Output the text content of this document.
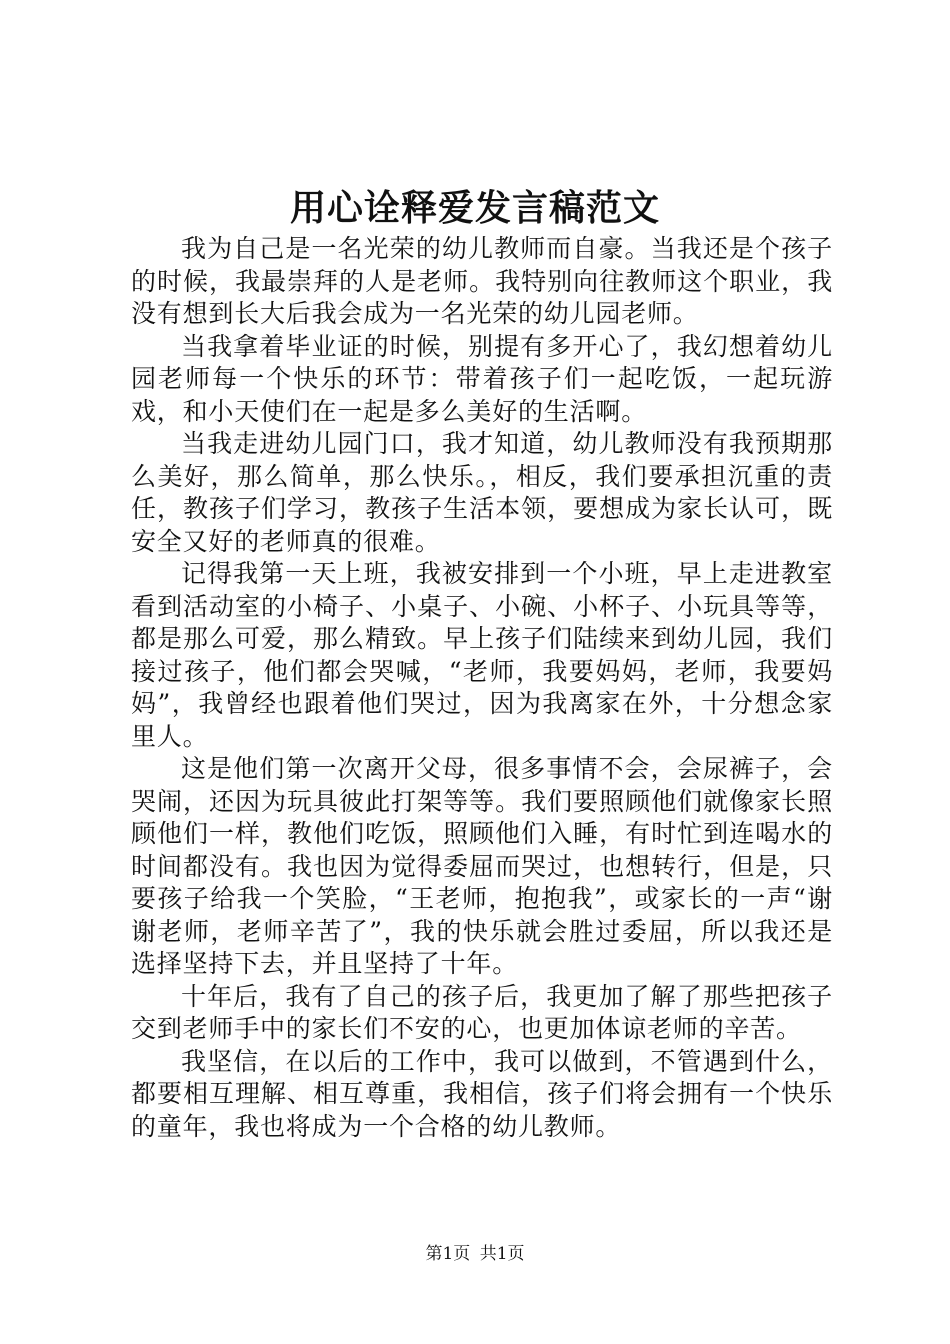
用心诠释爱发言稿范文

我为自己是一名光荣的幼儿教师而自豪。当我还是个孩子的时候，我最崇拜的人是老师。我特别向往教师这个职业，我没有想到长大后我会成为一名光荣的幼儿园老师。

当我拿着毕业证的时候，别提有多开心了，我幻想着幼儿园老师每一个快乐的环节：带着孩子们一起吃饭，一起玩游戏，和小天使们在一起是多么美好的生活啊。

当我走进幼儿园门口，我才知道，幼儿教师没有我预期那么美好，那么简单，那么快乐。，相反，我们要承担沉重的责任，教孩子们学习，教孩子生活本领，要想成为家长认可，既安全又好的老师真的很难。

记得我第一天上班，我被安排到一个小班，早上走进教室看到活动室的小椅子、小桌子、小碗、小杯子、小玩具等等，都是那么可爱，那么精致。早上孩子们陆续来到幼儿园，我们接过孩子，他们都会哭喊，“老师，我要妈妈，老师，我要妈妈”，我曾经也跟着他们哭过，因为我离家在外，十分想念家里人。

这是他们第一次离开父母，很多事情不会，会尿裤子，会哭闹，还因为玩具彼此打架等等。我们要照顾他们就像家长照顾他们一样，教他们吃饭，照顾他们入睡，有时忙到连喝水的时间都没有。我也因为觉得委屈而哭过，也想转行，但是，只要孩子给我一个笑脸，“王老师，抱抱我”，或家长的一声“谢谢老师，老师辛苦了”，我的快乐就会胜过委屈，所以我还是选择坚持下去，并且坚持了十年。

十年后，我有了自己的孩子后，我更加了解了那些把孩子交到老师手中的家长们不安的心，也更加体谅老师的辛苦。

我坚信，在以后的工作中，我可以做到，不管遇到什么，都要相互理解、相互尊重，我相信，孩子们将会拥有一个快乐的童年，我也将成为一个合格的幼儿教师。

第1页 共1页
